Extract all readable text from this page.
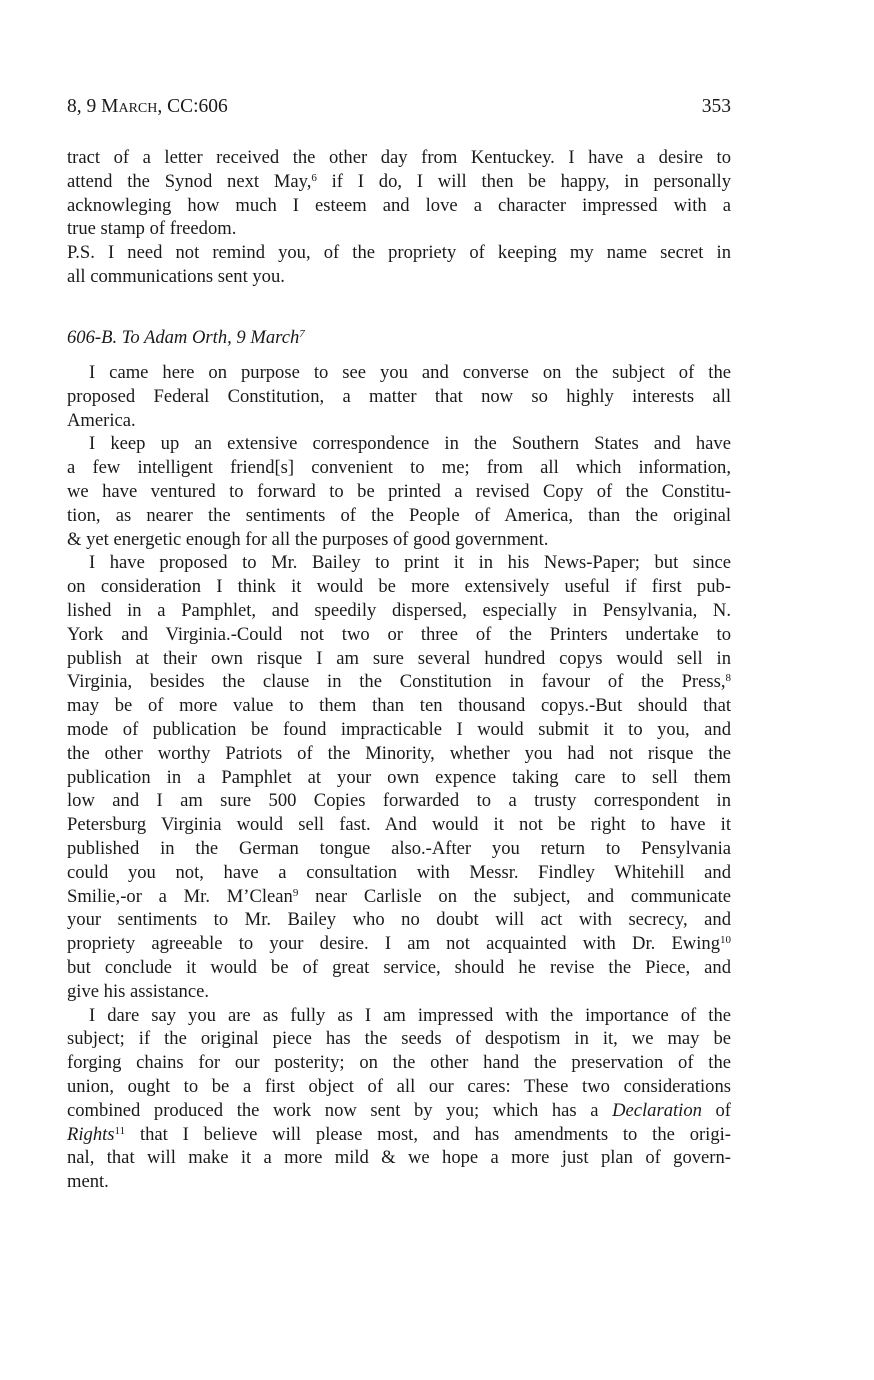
8, 9 March, CC:606	353
tract of a letter received the other day from Kentuckey. I have a desire to
attend the Synod next May,$^6$ if I do, I will then be happy, in personally
acknowleging how much I esteem and love a character impressed with a
true stamp of freedom.
P.S. I need not remind you, of the propriety of keeping my name secret in
all communications sent you.
606-B. To Adam Orth, 9 March$^7$
I came here on purpose to see you and converse on the subject of the
proposed Federal Constitution, a matter that now so highly interests all
America.
I keep up an extensive correspondence in the Southern States and have
a few intelligent friend[s] convenient to me; from all which information,
we have ventured to forward to be printed a revised Copy of the Constitu-
tion, as nearer the sentiments of the People of America, than the original
& yet energetic enough for all the purposes of good government.
I have proposed to Mr. Bailey to print it in his News-Paper; but since
on consideration I think it would be more extensively useful if first pub-
lished in a Pamphlet, and speedily dispersed, especially in Pensylvania, N.
York and Virginia.-Could not two or three of the Printers undertake to
publish at their own risque I am sure several hundred copys would sell in
Virginia, besides the clause in the Constitution in favour of the Press,$^8$
may be of more value to them than ten thousand copys.-But should that
mode of publication be found impracticable I would submit it to you, and
the other worthy Patriots of the Minority, whether you had not risque the
publication in a Pamphlet at your own expence taking care to sell them
low and I am sure 500 Copies forwarded to a trusty correspondent in
Petersburg Virginia would sell fast. And would it not be right to have it
published in the German tongue also.-After you return to Pensylvania
could you not, have a consultation with Messr. Findley Whitehill and
Smilie,-or a Mr. M’Clean$^9$ near Carlisle on the subject, and communicate
your sentiments to Mr. Bailey who no doubt will act with secrecy, and
propriety agreeable to your desire. I am not acquainted with Dr. Ewing$^{10}$
but conclude it would be of great service, should he revise the Piece, and
give his assistance.
I dare say you are as fully as I am impressed with the importance of the
subject; if the original piece has the seeds of despotism in it, we may be
forging chains for our posterity; on the other hand the preservation of the
union, ought to be a first object of all our cares: These two considerations
combined produced the work now sent by you; which has a Declaration of
Rights$^{11}$ that I believe will please most, and has amendments to the origi-
nal, that will make it a more mild & we hope a more just plan of govern-
ment.
